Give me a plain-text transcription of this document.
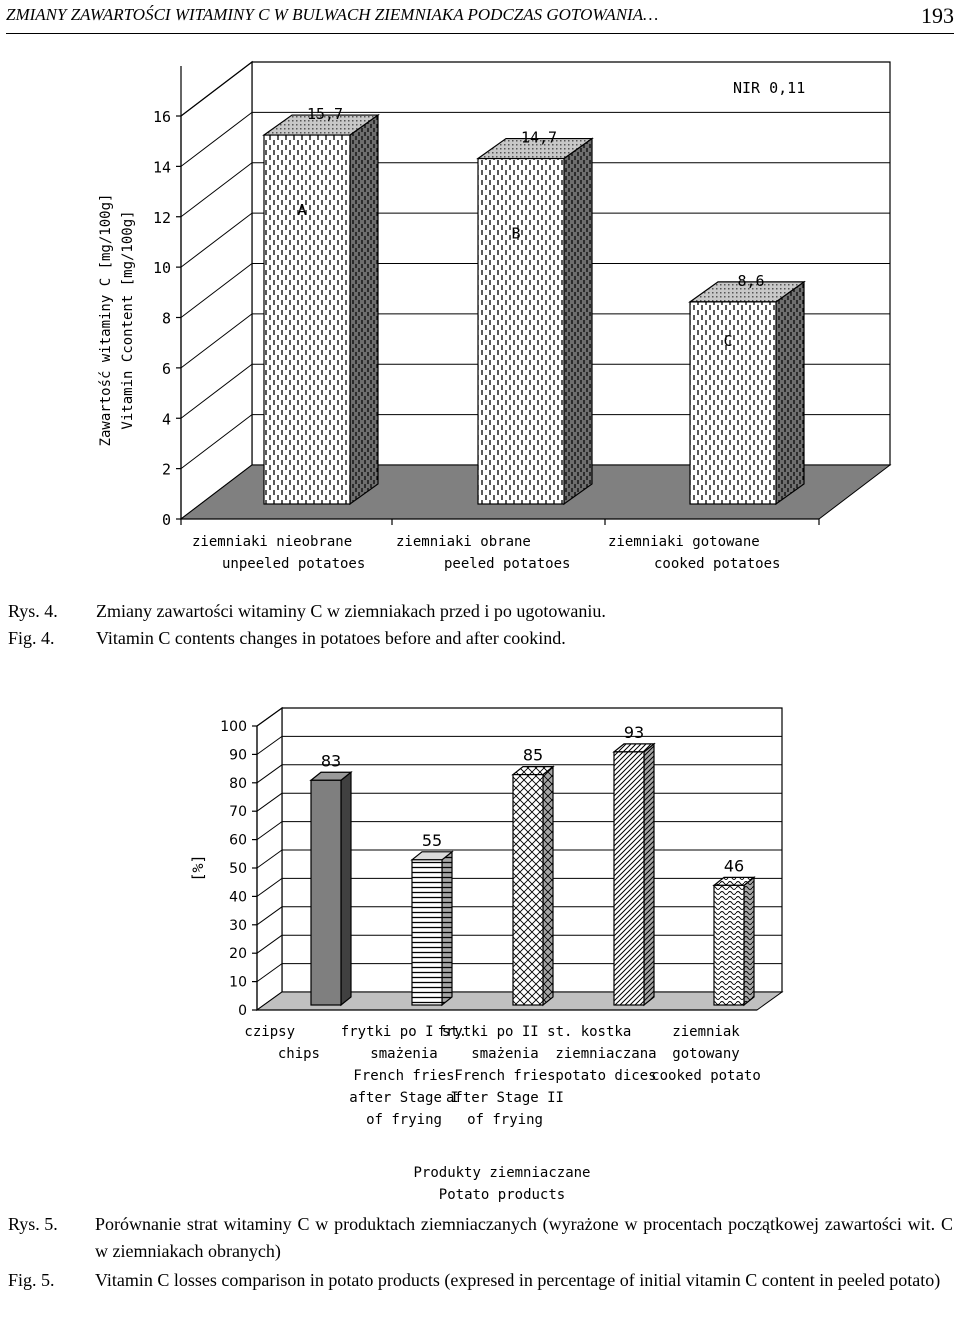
ZMIANY ZAWARTOŚCI WITAMINY C W BULWACH ZIEMNIAKA PODCZAS GOTOWANIA…	193
0
2
4
6
8
10
12
14
16	15,7
A
14,7
B
8,6
C
NIR 0,11
ziemniaki nieobrane
unpeeled potatoes
ziemniaki obrane
peeled potatoes
ziemniaki gotowane
cooked potatoes
Zawartość witaminy C [mg/100g] Vitamin Ccontent [mg/100g]
Rys. 4. Zmiany zawartości witaminy C w ziemniakach przed i po ugotowaniu.
Fig. 4. Vitamin C contents changes in potatoes before and after cookind.
0
10
20
30
40
50
60
70
80
90
100
83
55
85
93
46
czipsy
chips
frytki po I st.
smażenia
French fries
after Stage I
of frying
frytki po II st.
smażenia
French fries
after Stage II
of frying
kostka
ziemniaczana
potato dices
ziemniak
gotowany
cooked potato
[%]
Produkty ziemniaczane
Potato products
Rys. 5. Porównanie strat witaminy C w produktach ziemniaczanych (wyrażone w procentach początkowej zawartości wit. C w ziemniakach obranych)
Fig. 5. Vitamin C losses comparison in potato products (expresed in percentage of initial vitamin C content in peeled potato)
